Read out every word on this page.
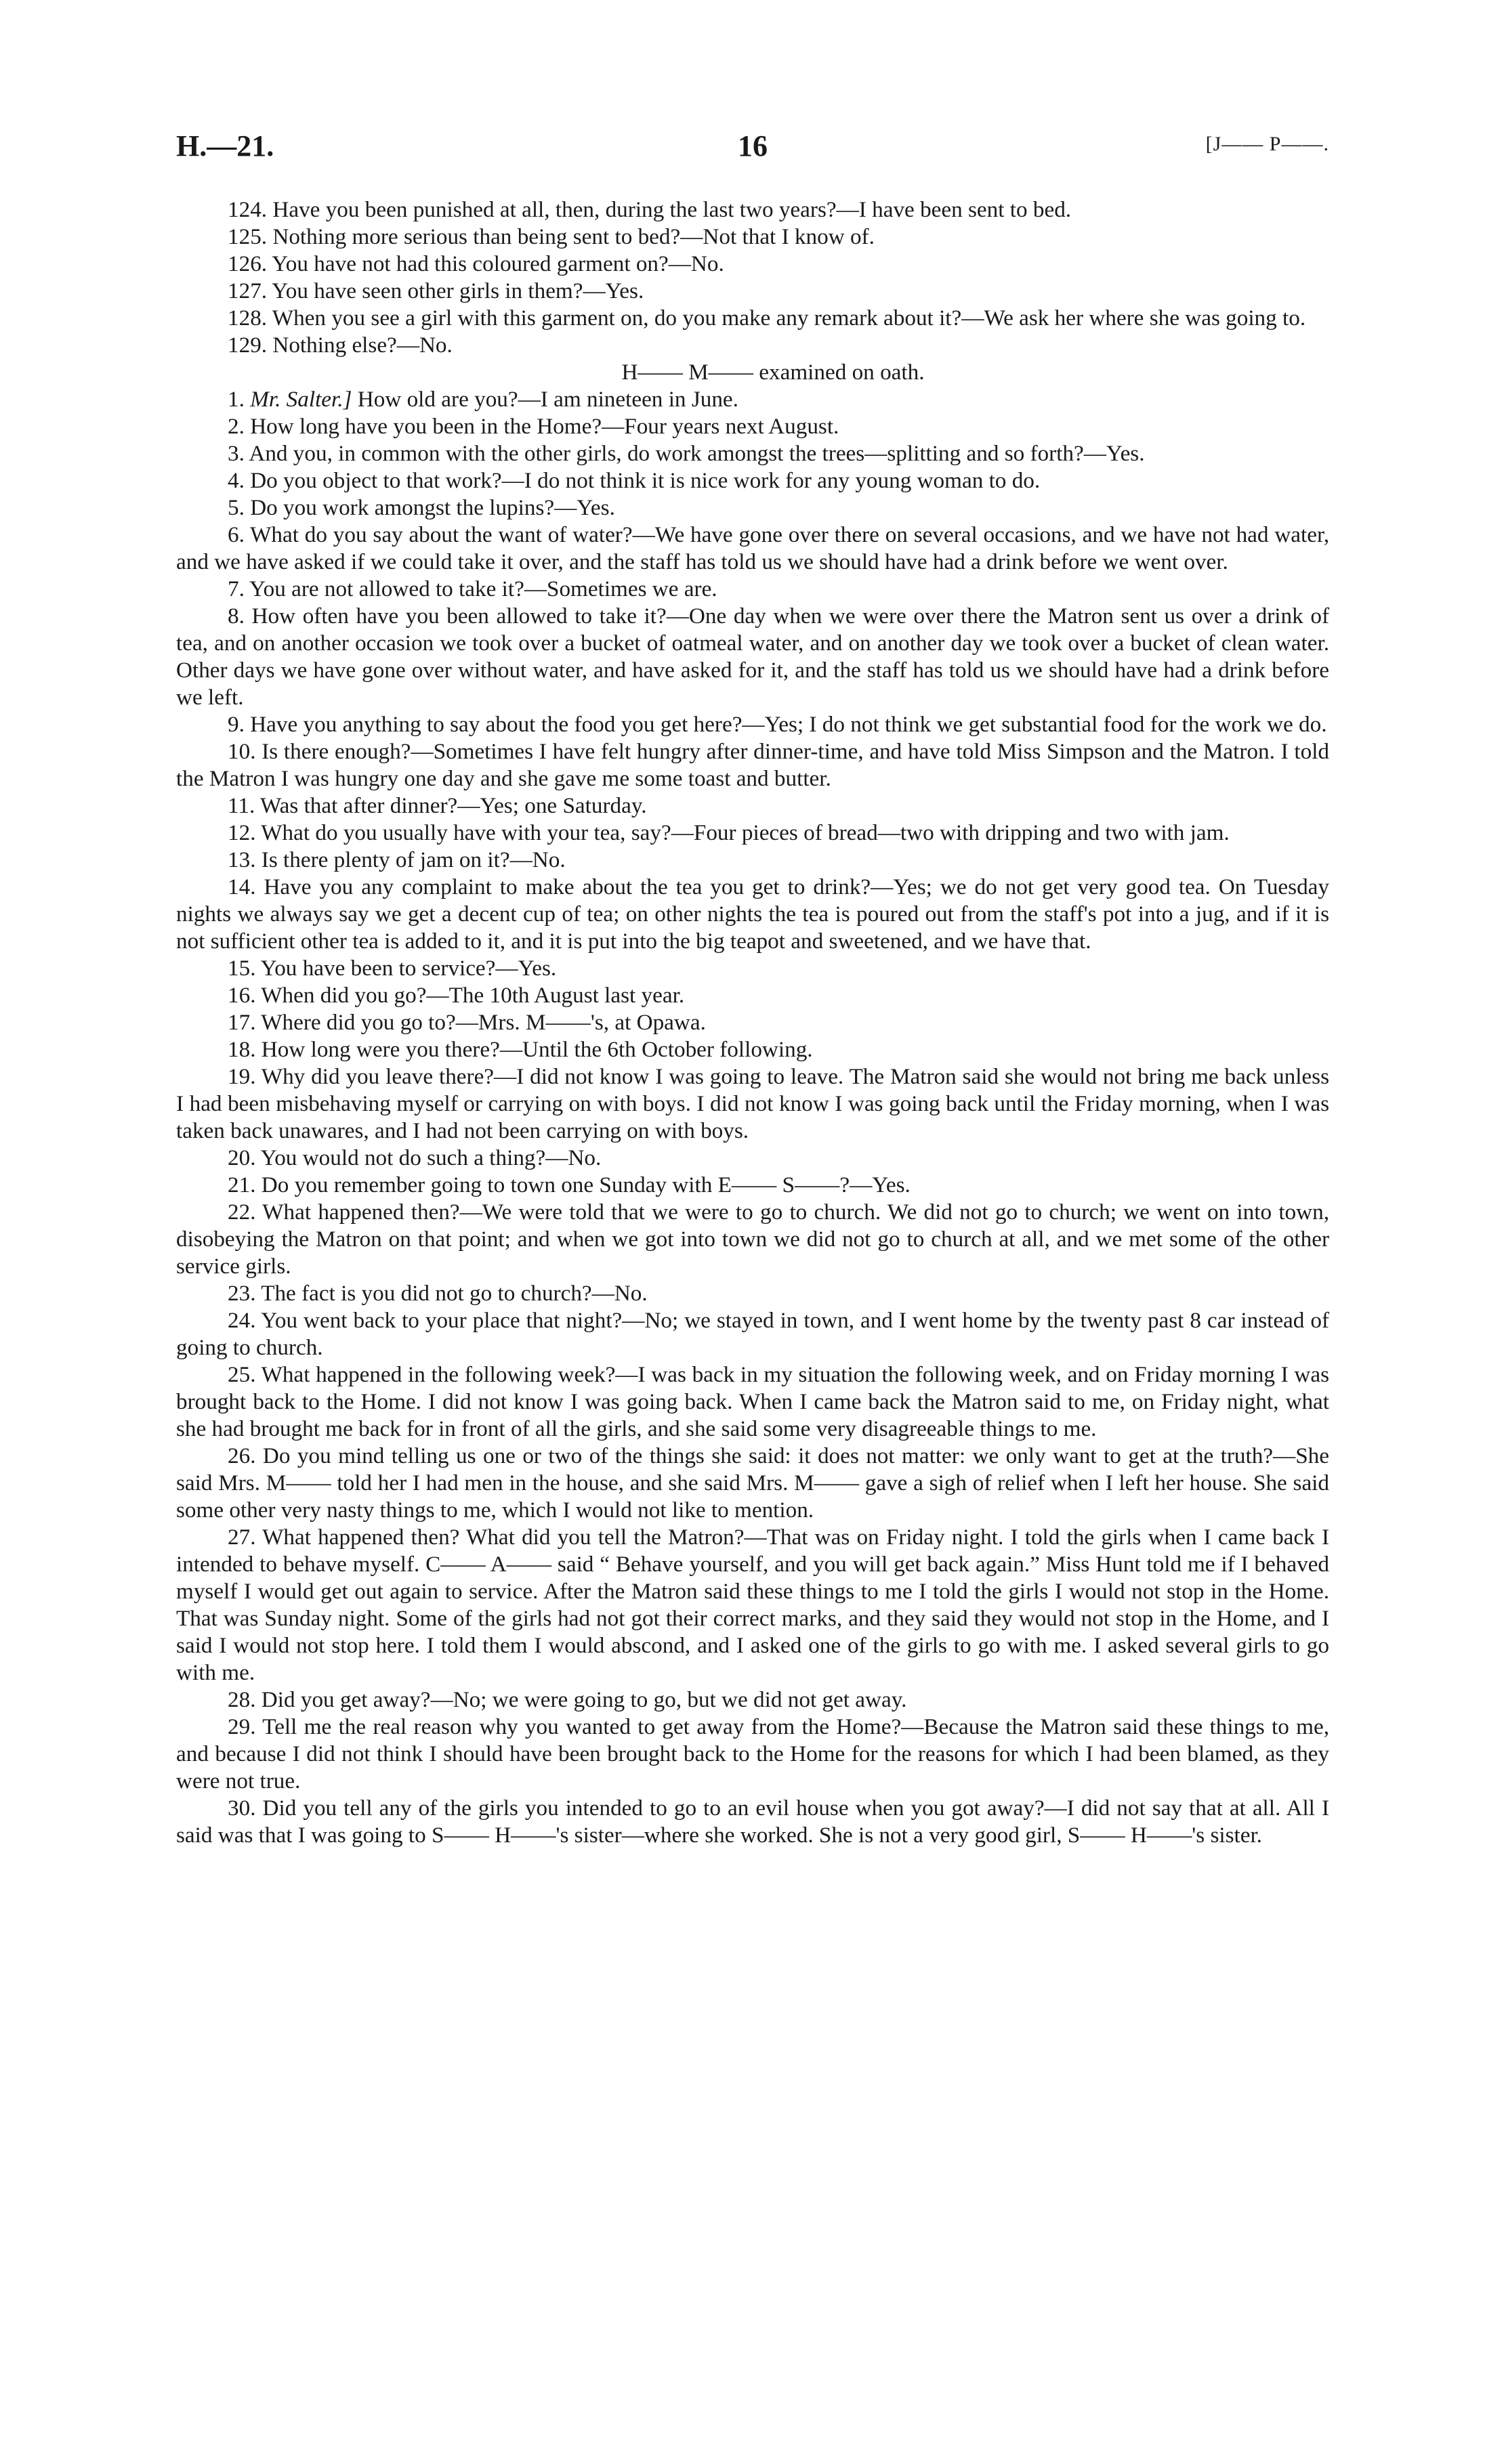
H.—21.	16	[J—— P——.

124. Have you been punished at all, then, during the last two years?—I have been sent to bed.

125. Nothing more serious than being sent to bed?—Not that I know of.

126. You have not had this coloured garment on?—No.

127. You have seen other girls in them?—Yes.

128. When you see a girl with this garment on, do you make any remark about it?—We ask her where she was going to.

129. Nothing else?—No.

H—— M—— examined on oath.

1. Mr. Salter.] How old are you?—I am nineteen in June.

2. How long have you been in the Home?—Four years next August.

3. And you, in common with the other girls, do work amongst the trees—splitting and so forth?—Yes.

4. Do you object to that work?—I do not think it is nice work for any young woman to do.

5. Do you work amongst the lupins?—Yes.

6. What do you say about the want of water?—We have gone over there on several occasions, and we have not had water, and we have asked if we could take it over, and the staff has told us we should have had a drink before we went over.

7. You are not allowed to take it?—Sometimes we are.

8. How often have you been allowed to take it?—One day when we were over there the Matron sent us over a drink of tea, and on another occasion we took over a bucket of oatmeal water, and on another day we took over a bucket of clean water. Other days we have gone over without water, and have asked for it, and the staff has told us we should have had a drink before we left.

9. Have you anything to say about the food you get here?—Yes; I do not think we get substantial food for the work we do.

10. Is there enough?—Sometimes I have felt hungry after dinner-time, and have told Miss Simpson and the Matron. I told the Matron I was hungry one day and she gave me some toast and butter.

11. Was that after dinner?—Yes; one Saturday.

12. What do you usually have with your tea, say?—Four pieces of bread—two with dripping and two with jam.

13. Is there plenty of jam on it?—No.

14. Have you any complaint to make about the tea you get to drink?—Yes; we do not get very good tea. On Tuesday nights we always say we get a decent cup of tea; on other nights the tea is poured out from the staff's pot into a jug, and if it is not sufficient other tea is added to it, and it is put into the big teapot and sweetened, and we have that.

15. You have been to service?—Yes.

16. When did you go?—The 10th August last year.

17. Where did you go to?—Mrs. M——'s, at Opawa.

18. How long were you there?—Until the 6th October following.

19. Why did you leave there?—I did not know I was going to leave. The Matron said she would not bring me back unless I had been misbehaving myself or carrying on with boys. I did not know I was going back until the Friday morning, when I was taken back unawares, and I had not been carrying on with boys.

20. You would not do such a thing?—No.

21. Do you remember going to town one Sunday with E—— S——?—Yes.

22. What happened then?—We were told that we were to go to church. We did not go to church; we went on into town, disobeying the Matron on that point; and when we got into town we did not go to church at all, and we met some of the other service girls.

23. The fact is you did not go to church?—No.

24. You went back to your place that night?—No; we stayed in town, and I went home by the twenty past 8 car instead of going to church.

25. What happened in the following week?—I was back in my situation the following week, and on Friday morning I was brought back to the Home. I did not know I was going back. When I came back the Matron said to me, on Friday night, what she had brought me back for in front of all the girls, and she said some very disagreeable things to me.

26. Do you mind telling us one or two of the things she said: it does not matter: we only want to get at the truth?—She said Mrs. M—— told her I had men in the house, and she said Mrs. M—— gave a sigh of relief when I left her house. She said some other very nasty things to me, which I would not like to mention.

27. What happened then? What did you tell the Matron?—That was on Friday night. I told the girls when I came back I intended to behave myself. C—— A—— said “ Behave yourself, and you will get back again.” Miss Hunt told me if I behaved myself I would get out again to service. After the Matron said these things to me I told the girls I would not stop in the Home. That was Sunday night. Some of the girls had not got their correct marks, and they said they would not stop in the Home, and I said I would not stop here. I told them I would abscond, and I asked one of the girls to go with me. I asked several girls to go with me.

28. Did you get away?—No; we were going to go, but we did not get away.

29. Tell me the real reason why you wanted to get away from the Home?—Because the Matron said these things to me, and because I did not think I should have been brought back to the Home for the reasons for which I had been blamed, as they were not true.

30. Did you tell any of the girls you intended to go to an evil house when you got away?—I did not say that at all. All I said was that I was going to S—— H——'s sister—where she worked. She is not a very good girl, S—— H——'s sister.
